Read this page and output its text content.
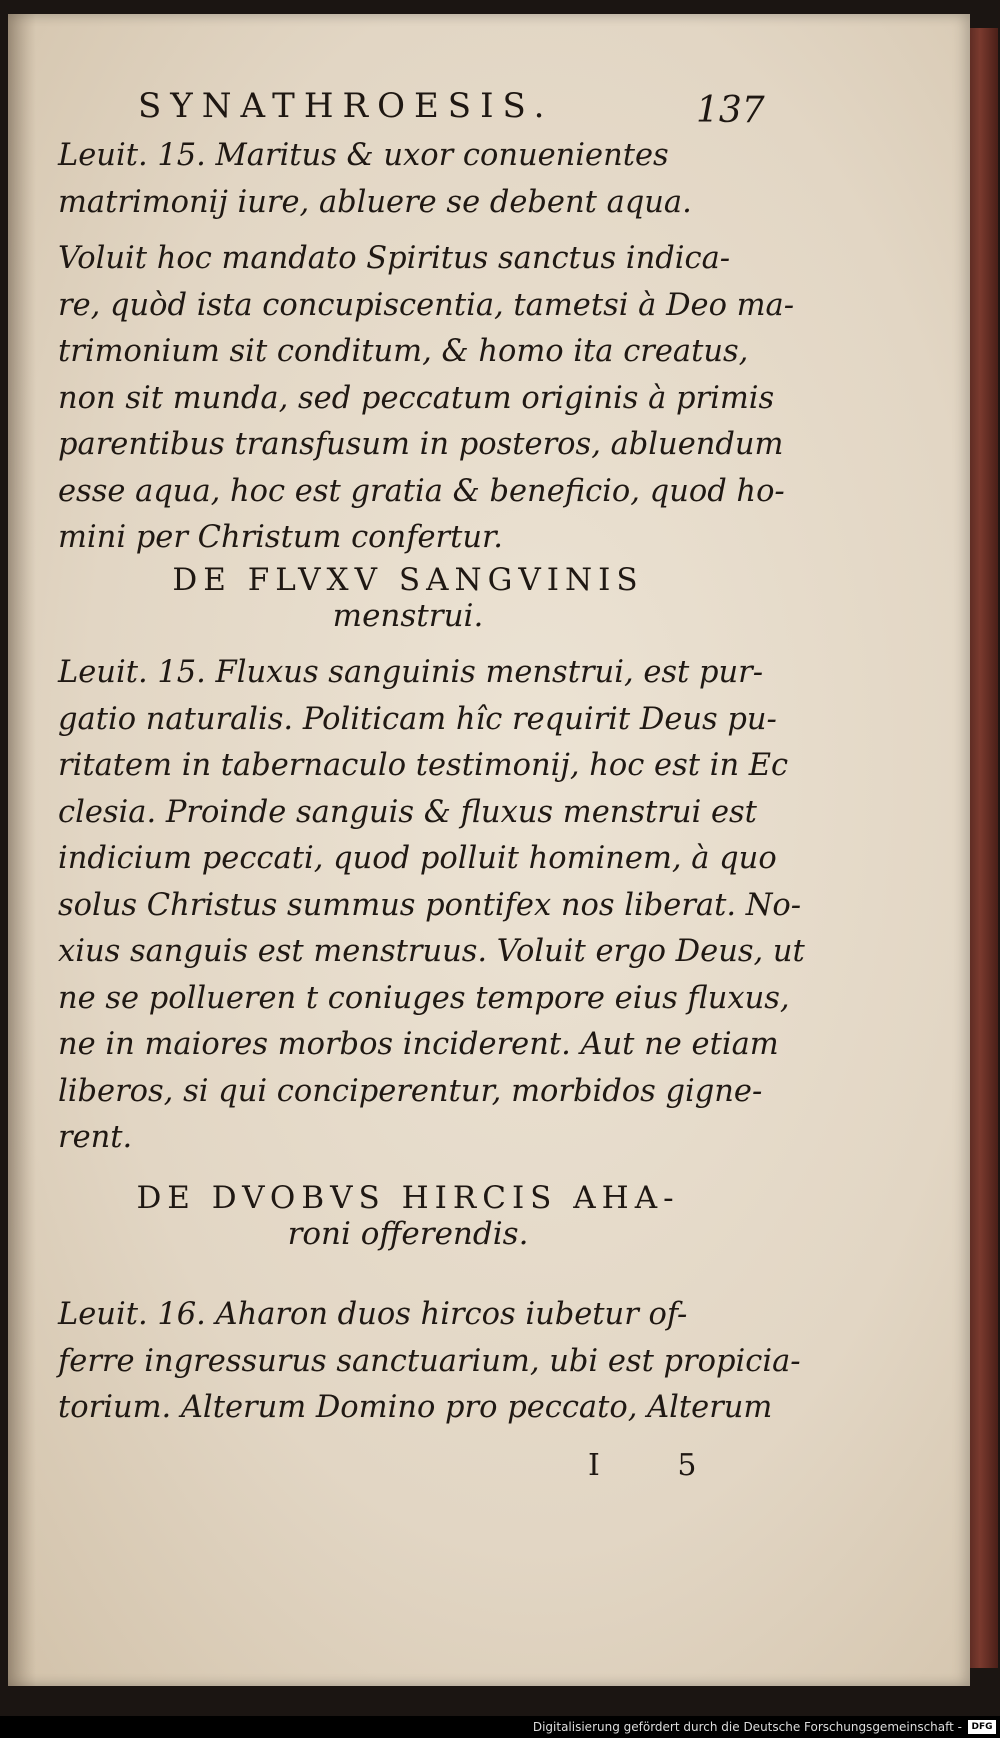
SYNATHROESIS.	137

Leuit. 15. Maritus & uxor conuenientes
matrimonij iure, abluere se debent aqua.

Voluit hoc mandato Spiritus sanctus indica-
re, quòd ista concupiscentia, tametsi à Deo ma-
trimonium sit conditum, & homo ita creatus,
non sit munda, sed peccatum originis à primis
parentibus transfusum in posteros, abluendum
esse aqua, hoc est gratia & beneficio, quod ho-
mini per Christum confertur.

DE FLVXV SANGVINIS
menstrui.

Leuit. 15. Fluxus sanguinis menstrui, est pur-
gatio naturalis. Politicam hîc requirit Deus pu-
ritatem in tabernaculo testimonij, hoc est in Ec
clesia. Proinde sanguis & fluxus menstrui est
indicium peccati, quod polluit hominem, à quo
solus Christus summus pontifex nos liberat. No-
xius sanguis est menstruus. Voluit ergo Deus, ut
ne se pollueren t coniuges tempore eius fluxus,
ne in maiores morbos inciderent. Aut ne etiam
liberos, si qui conciperentur, morbidos gigne-
rent.

DE DVOBVS HIRCIS AHA-
roni offerendis.

Leuit. 16. Aharon duos hircos iubetur of-
ferre ingressurus sanctuarium, ubi est propicia-
torium. Alterum Domino pro peccato, Alterum

I 5
Digitalisierung gefördert durch die Deutsche Forschungsgemeinschaft -	DFG
